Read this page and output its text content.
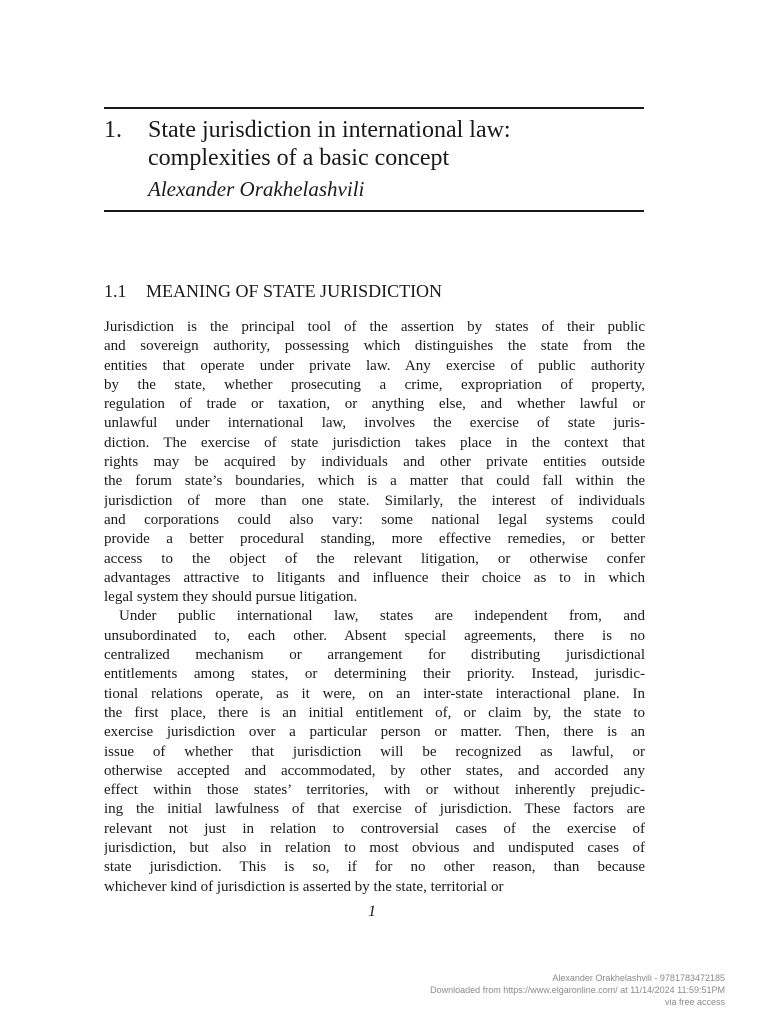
1. State jurisdiction in international law:
complexities of a basic concept
Alexander Orakhelashvili
1.1 MEANING OF STATE JURISDICTION
Jurisdiction is the principal tool of the assertion by states of their public
and sovereign authority, possessing which distinguishes the state from the
entities that operate under private law. Any exercise of public authority
by the state, whether prosecuting a crime, expropriation of property,
regulation of trade or taxation, or anything else, and whether lawful or
unlawful under international law, involves the exercise of state juris-
diction. The exercise of state jurisdiction takes place in the context that
rights may be acquired by individuals and other private entities outside
the forum state’s boundaries, which is a matter that could fall within the
jurisdiction of more than one state. Similarly, the interest of individuals
and corporations could also vary: some national legal systems could
provide a better procedural standing, more effective remedies, or better
access to the object of the relevant litigation, or otherwise confer
advantages attractive to litigants and influence their choice as to in which
legal system they should pursue litigation.
Under public international law, states are independent from, and
unsubordinated to, each other. Absent special agreements, there is no
centralized mechanism or arrangement for distributing jurisdictional
entitlements among states, or determining their priority. Instead, jurisdic-
tional relations operate, as it were, on an inter-state interactional plane. In
the first place, there is an initial entitlement of, or claim by, the state to
exercise jurisdiction over a particular person or matter. Then, there is an
issue of whether that jurisdiction will be recognized as lawful, or
otherwise accepted and accommodated, by other states, and accorded any
effect within those states’ territories, with or without inherently prejudic-
ing the initial lawfulness of that exercise of jurisdiction. These factors are
relevant not just in relation to controversial cases of the exercise of
jurisdiction, but also in relation to most obvious and undisputed cases of
state jurisdiction. This is so, if for no other reason, than because
whichever kind of jurisdiction is asserted by the state, territorial or
1
Alexander Orakhelashvili - 9781783472185
Downloaded from https://www.elgaronline.com/ at 11/14/2024 11:59:51PM
via free access
